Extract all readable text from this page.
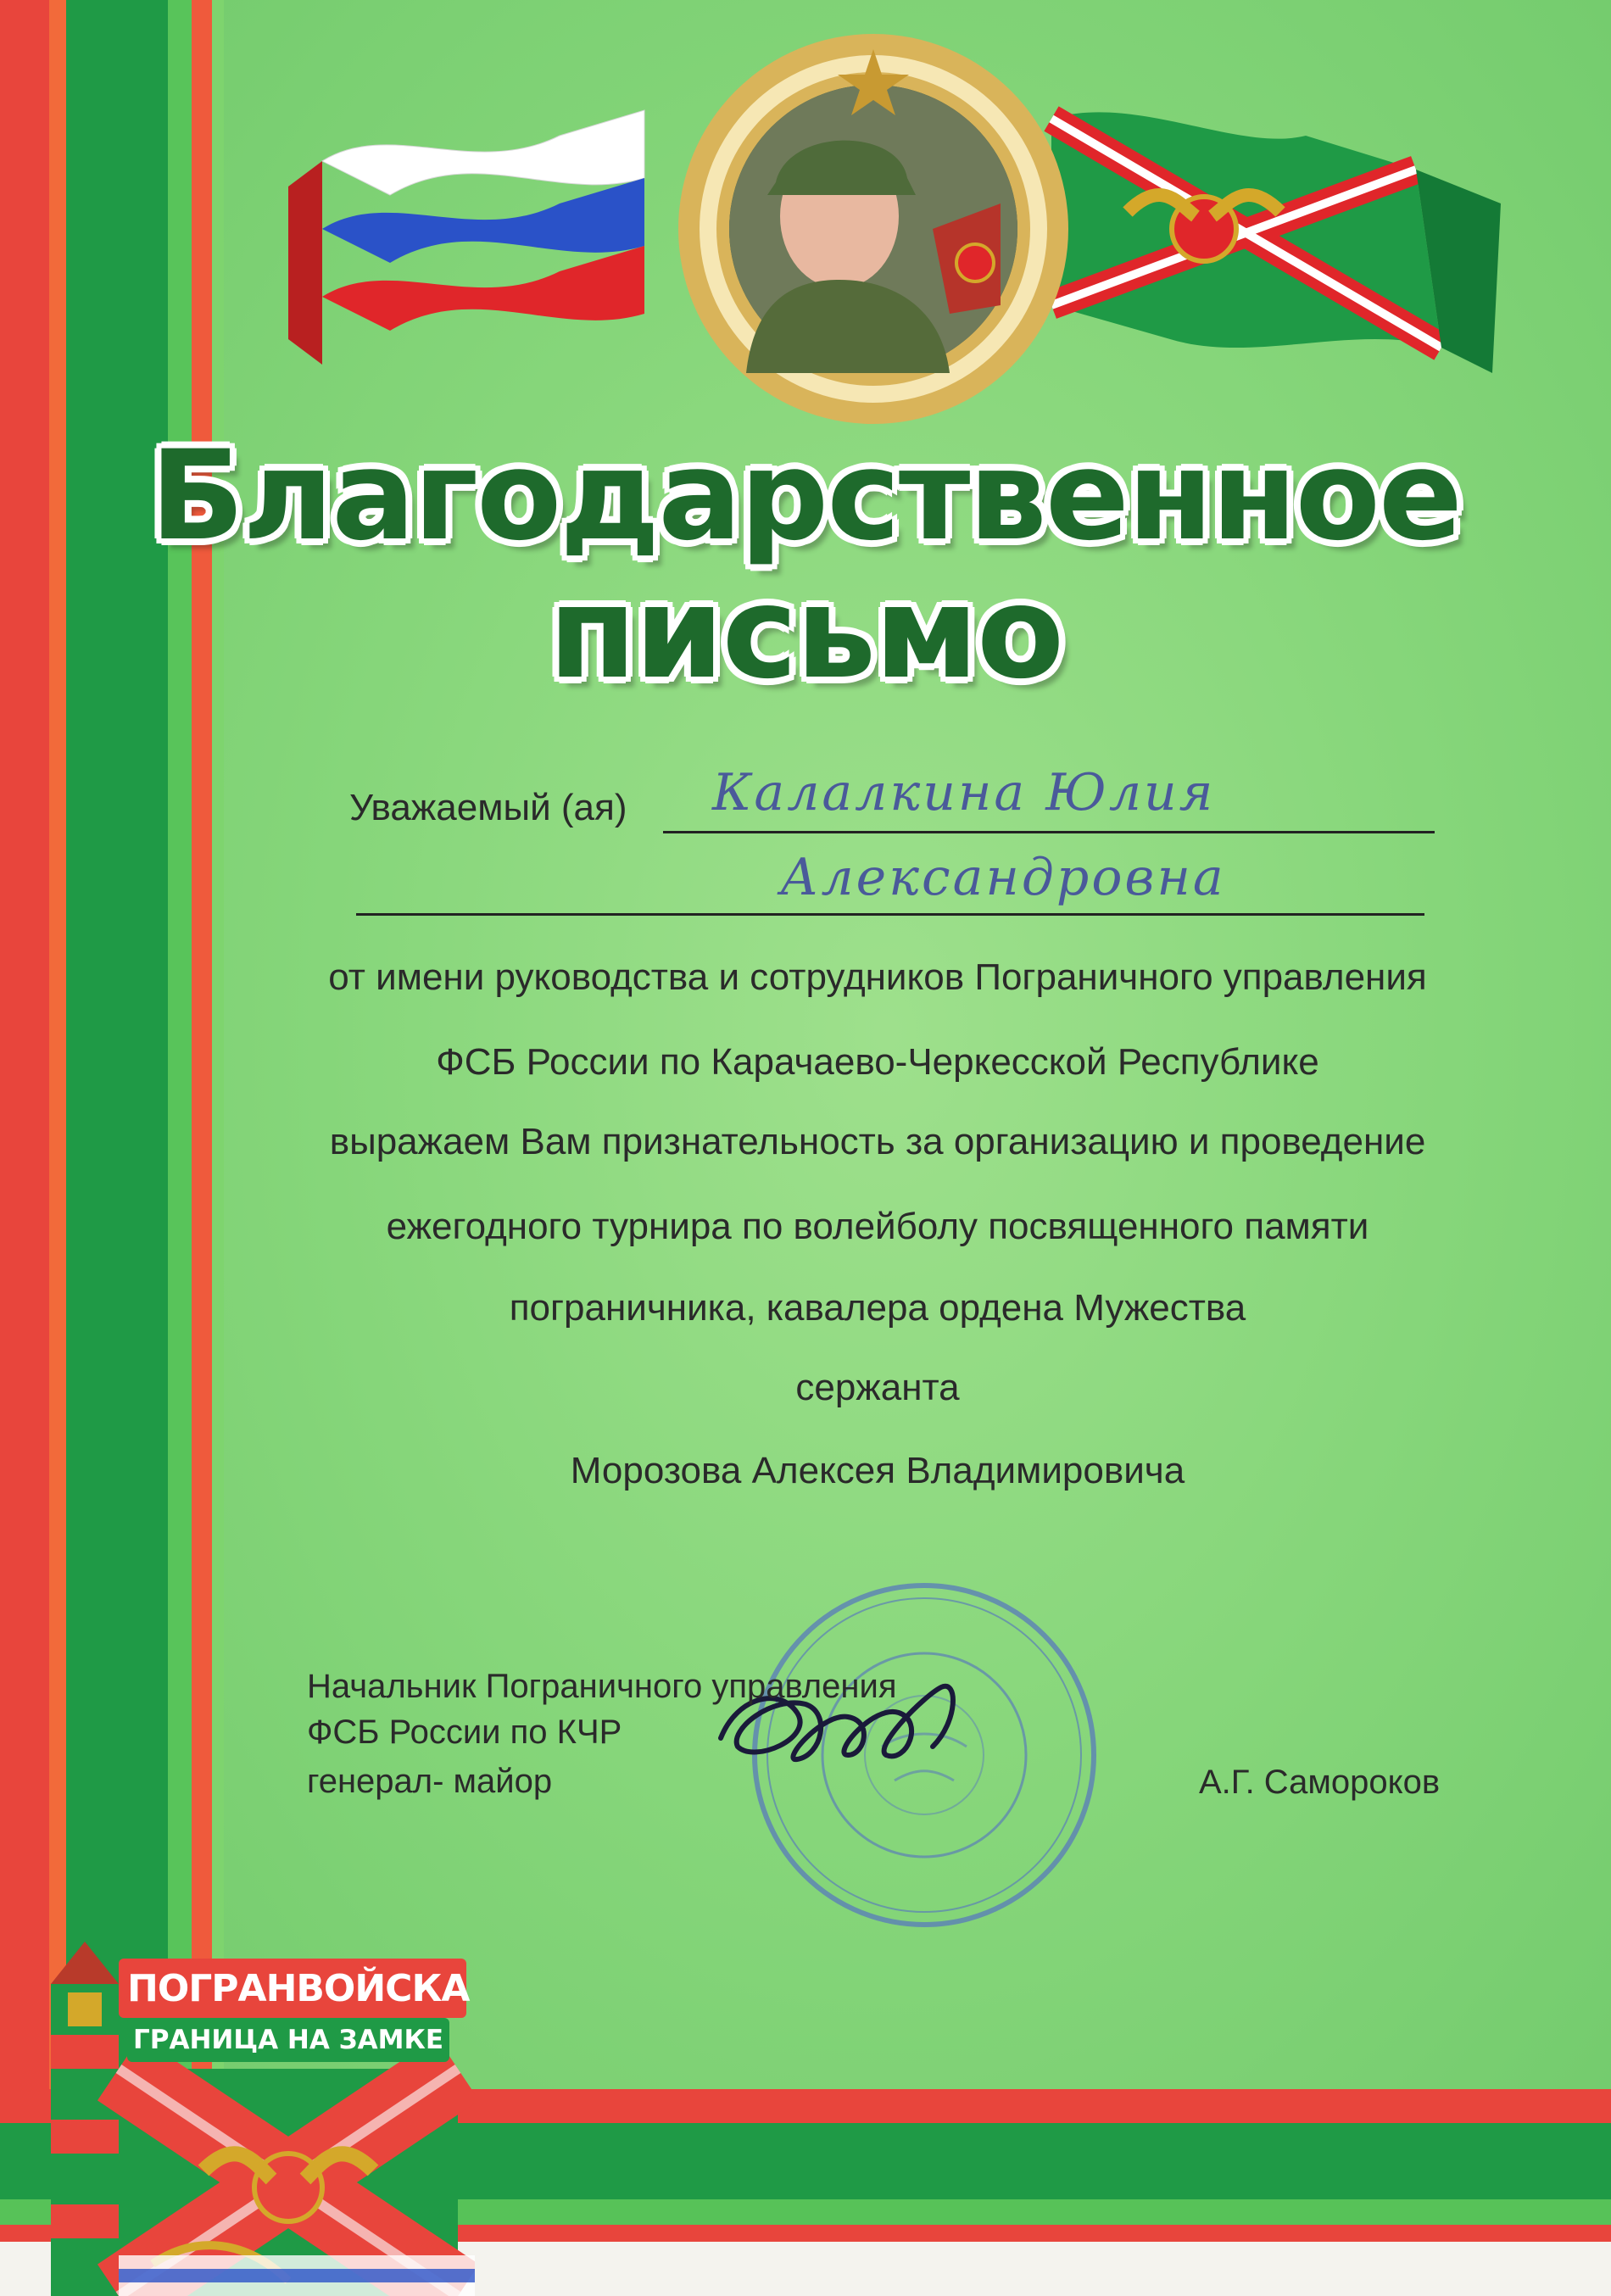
Благодарственное
письмо
Уважаемый (ая) Калалкина Юлия
Александровна
от имени руководства и сотрудников Пограничного управления
ФСБ России по Карачаево-Черкесской Республике
выражаем Вам признательность за организацию и проведение
ежегодного турнира по волейболу посвященного памяти
пограничника, кавалера ордена Мужества
сержанта
Морозова Алексея Владимировича
Начальник Пограничного управления
ФСБ России по КЧР
генерал- майор	А.Г. Самороков
ПОГРАНВОЙСКА
ГРАНИЦА НА ЗАМКЕ
